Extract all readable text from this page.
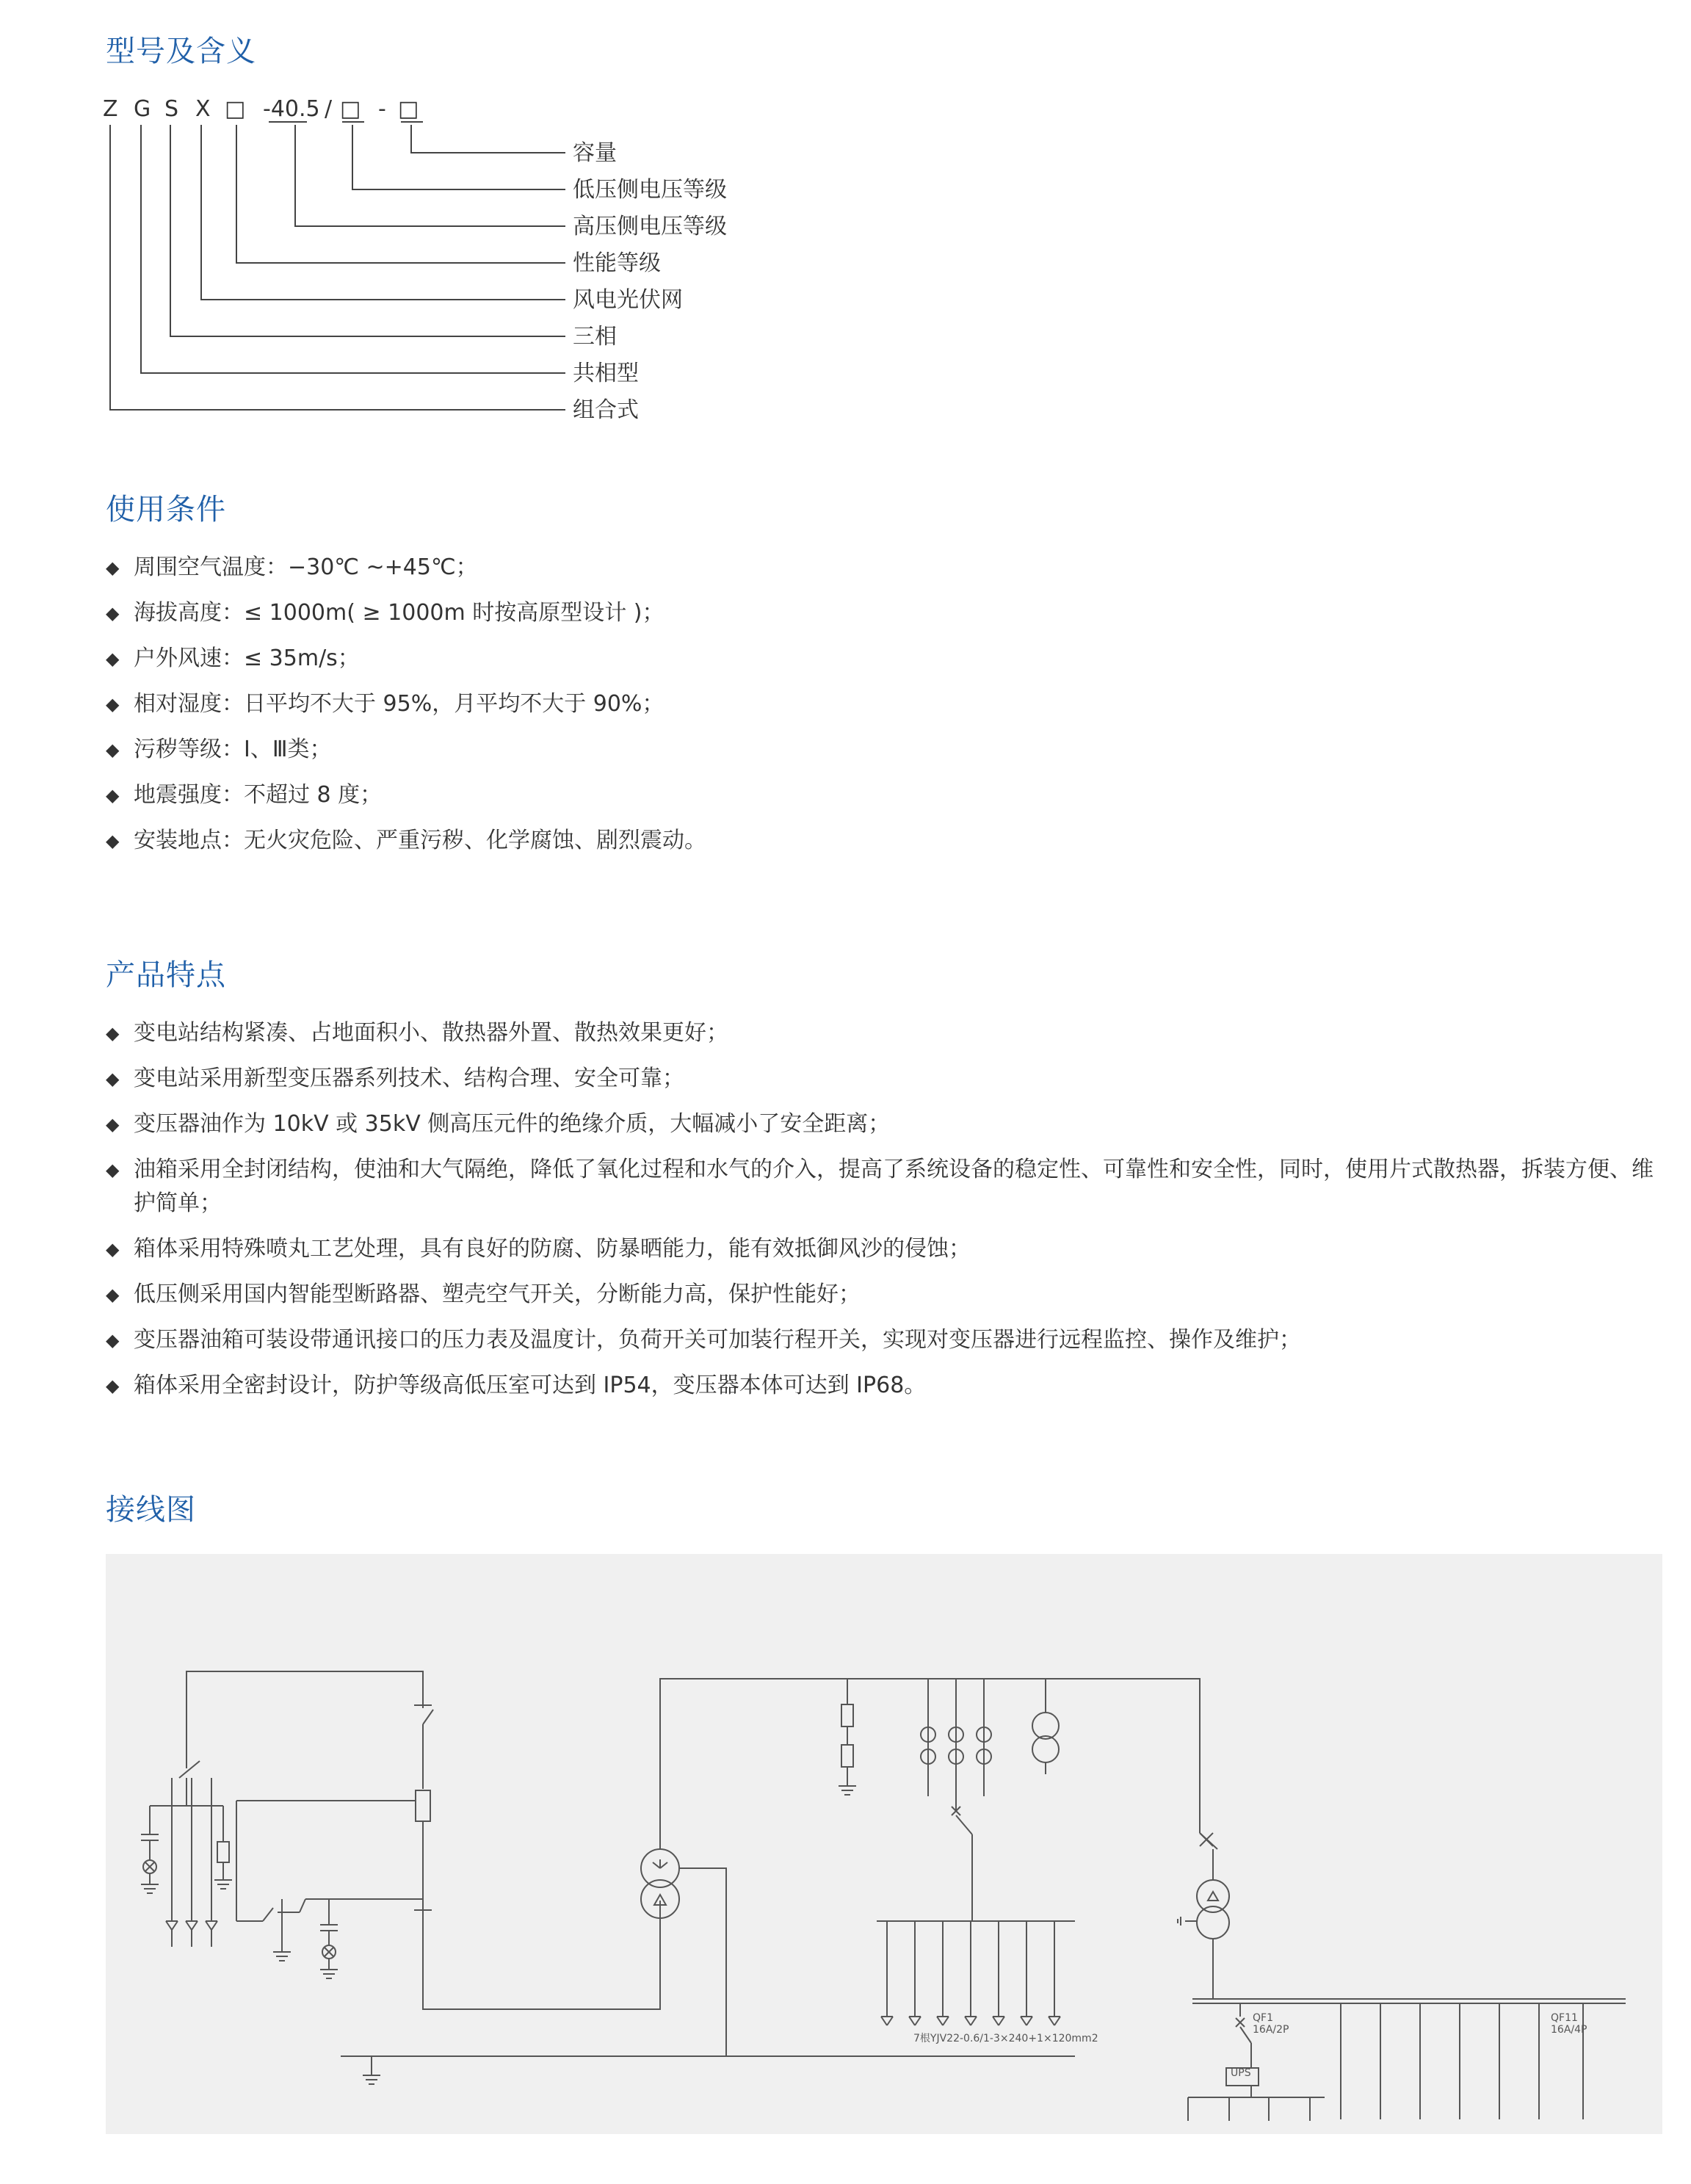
型号及含义
Z G S X □ -40.5 / □ - □
容量
低压侧电压等级
高压侧电压等级
性能等级
风电光伏网
三相
共相型
组合式
使用条件
◆ 周围空气温度：−30℃ ~+45℃；
◆ 海拔高度：≤ 1000m( ≥ 1000m 时按高原型设计 )；
◆ 户外风速：≤ 35m/s；
◆ 相对湿度：日平均不大于 95%，月平均不大于 90%；
◆ 污秽等级：Ⅰ、Ⅲ类；
◆ 地震强度：不超过 8 度；
◆ 安装地点：无火灾危险、严重污秽、化学腐蚀、剧烈震动。
产品特点
◆ 变电站结构紧凑、占地面积小、散热器外置、散热效果更好；
◆ 变电站采用新型变压器系列技术、结构合理、安全可靠；
◆ 变压器油作为 10kV 或 35kV 侧高压元件的绝缘介质，大幅减小了安全距离；
◆ 油箱采用全封闭结构，使油和大气隔绝，降低了氧化过程和水气的介入，提高了系统设备的稳定性、可靠性和安全性，同时，使用片式散热器，拆装方便、维护简单；
◆ 箱体采用特殊喷丸工艺处理，具有良好的防腐、防暴晒能力，能有效抵御风沙的侵蚀；
◆ 低压侧采用国内智能型断路器、塑壳空气开关，分断能力高，保护性能好；
◆ 变压器油箱可装设带通讯接口的压力表及温度计，负荷开关可加装行程开关，实现对变压器进行远程监控、操作及维护；
◆ 箱体采用全密封设计，防护等级高低压室可达到 IP54，变压器本体可达到 IP68。
接线图
UPS
7根YJV22-0.6/1-3×240+1×120mm2
QF1
16A/2P
QF11
16A/4P
